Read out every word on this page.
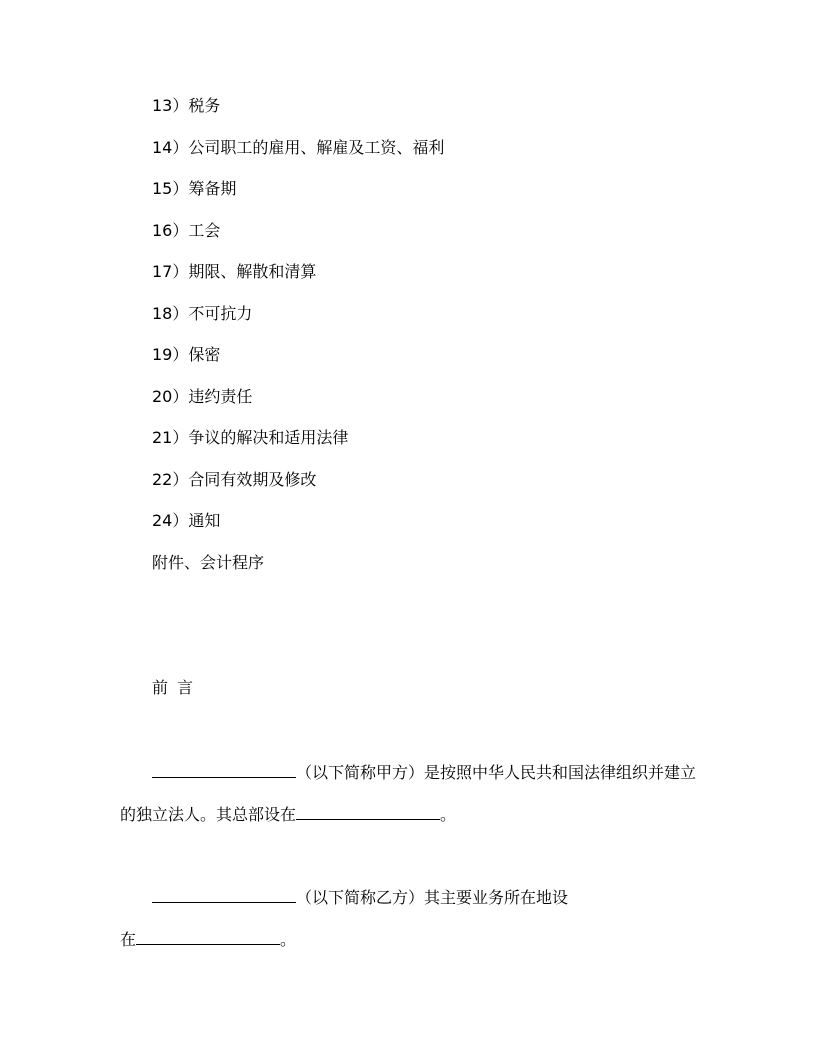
13）税务
14）公司职工的雇用、解雇及工资、福利
15）筹备期
16）工会
17）期限、解散和清算
18）不可抗力
19）保密
20）违约责任
21）争议的解决和适用法律
22）合同有效期及修改
24）通知
附件、会计程序
前 言
（以下简称甲方）是按照中华人民共和国法律组织并建立
的独立法人。其总部设在	。
（以下简称乙方）其主要业务所在地设
在	。
